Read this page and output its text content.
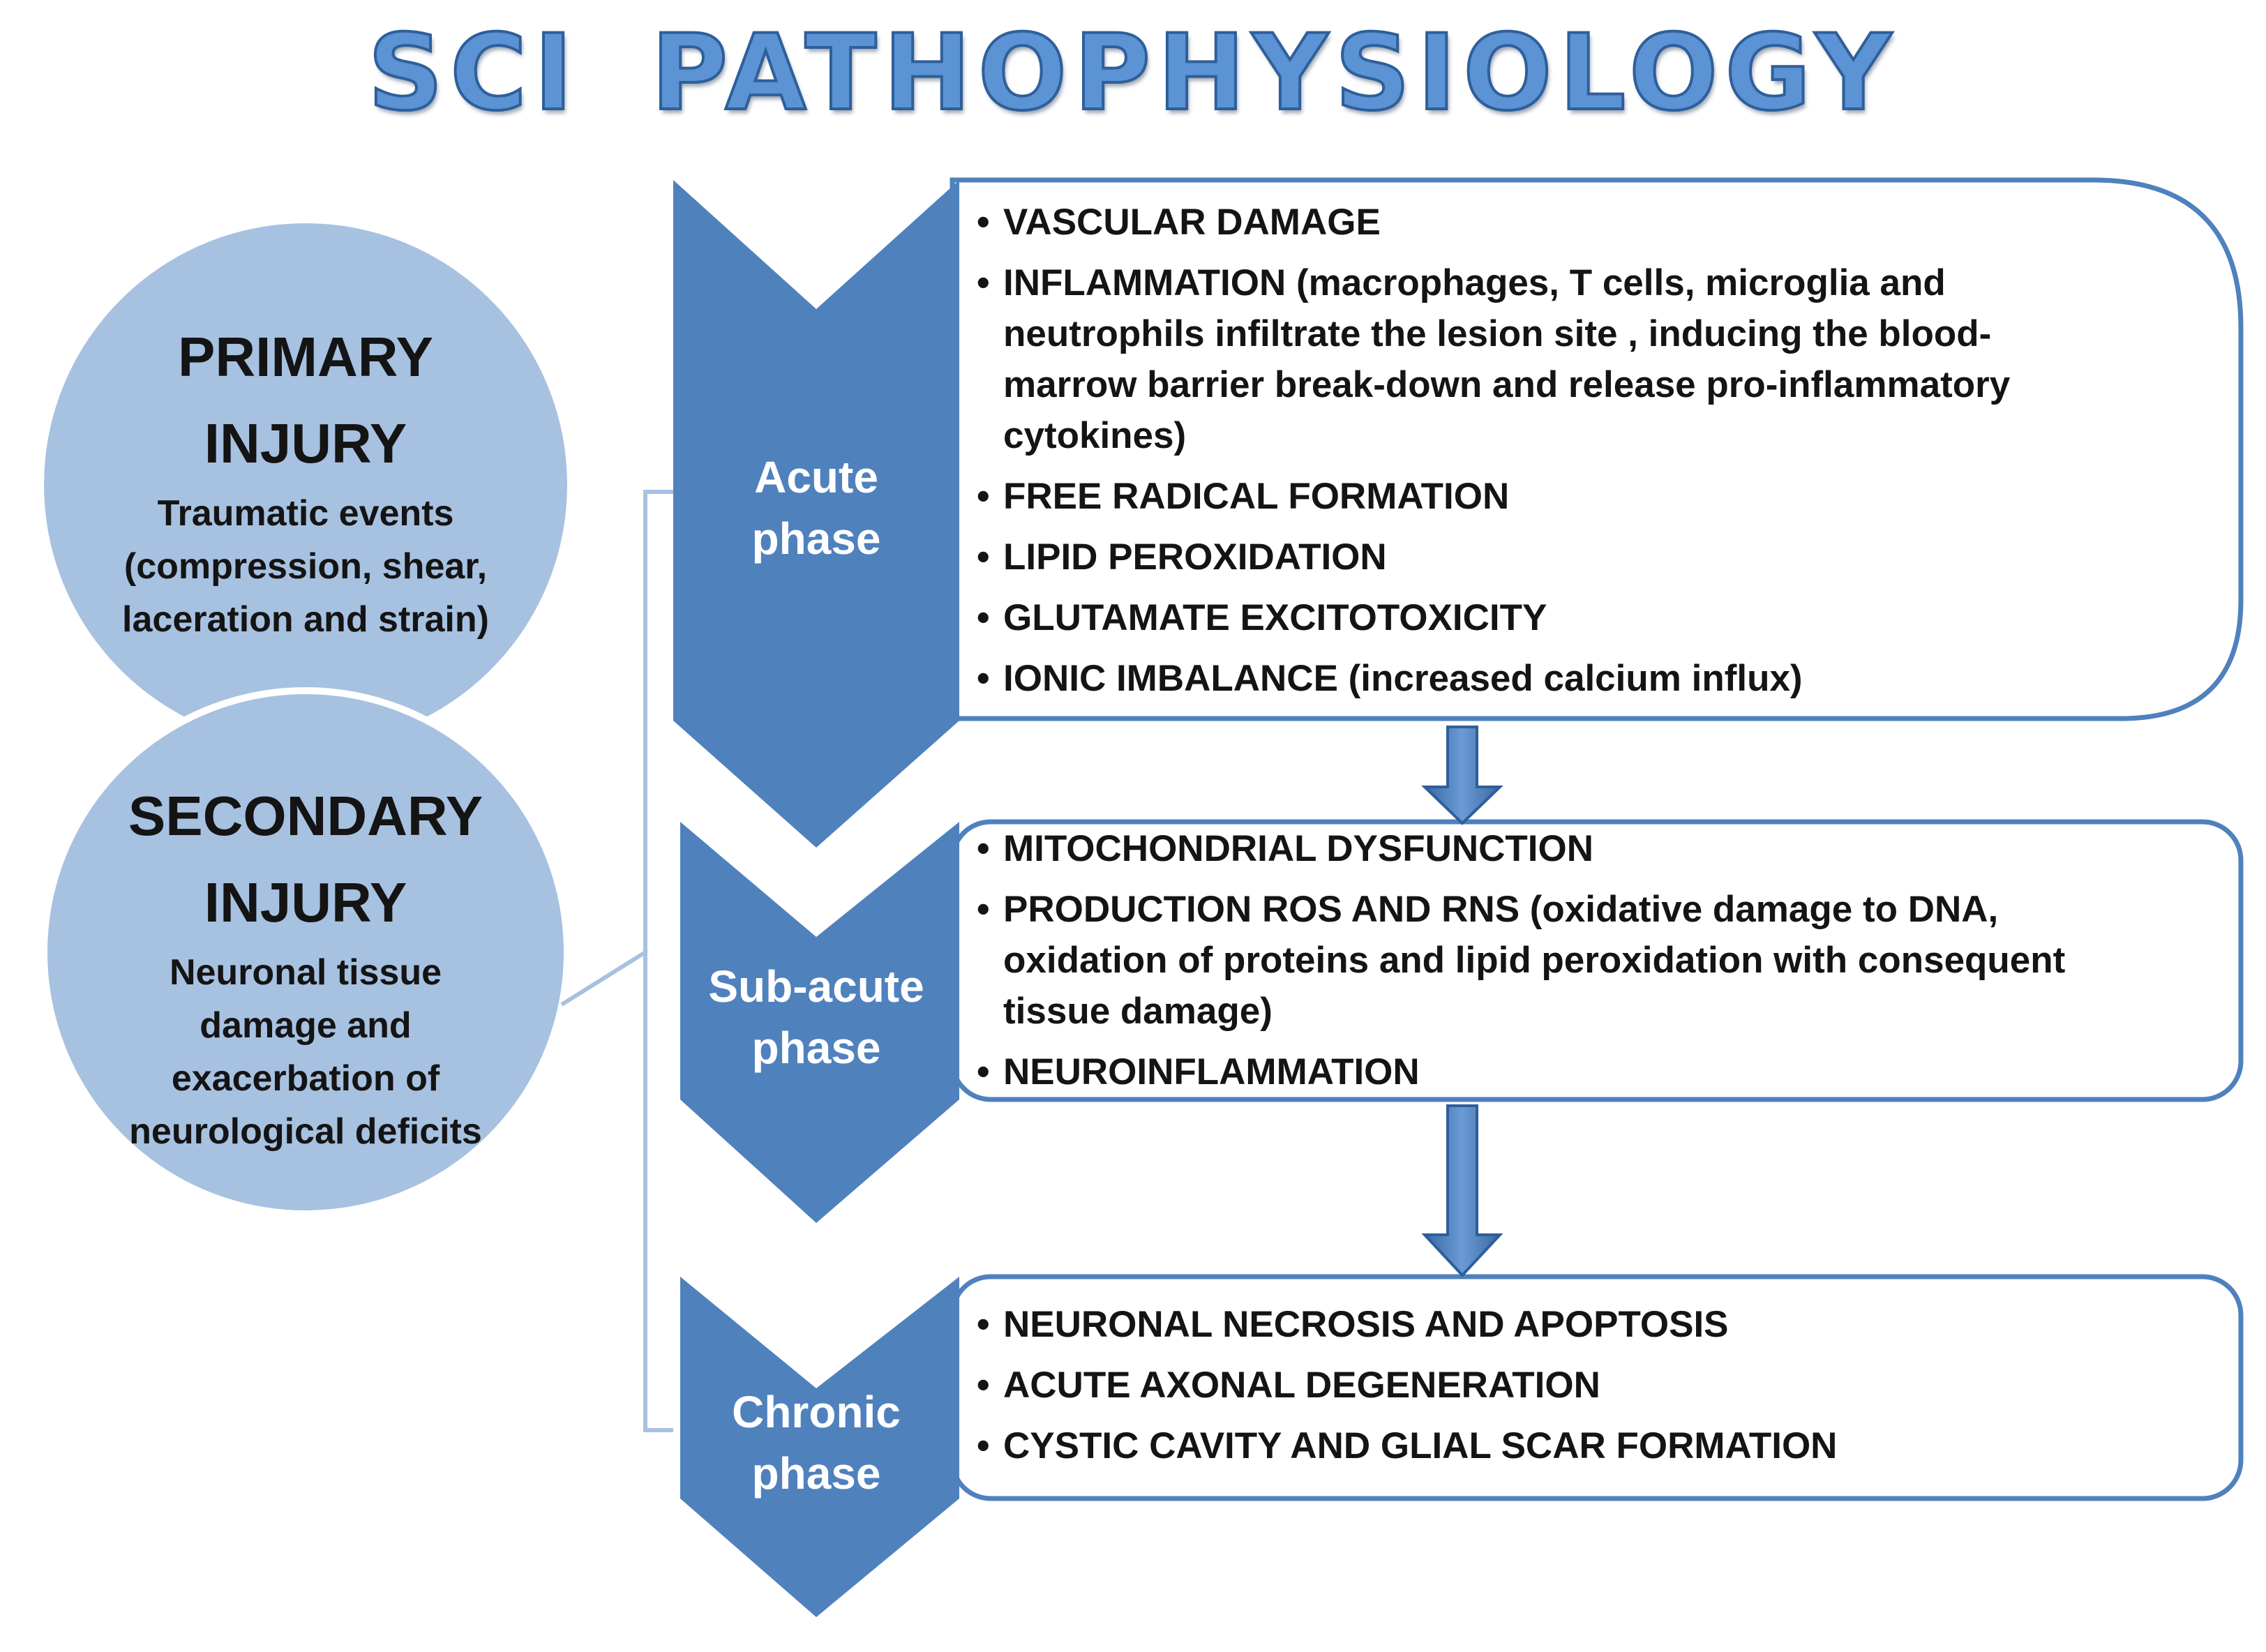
SCI PATHOPHYSIOLOGY
PRIMARY
INJURY
Traumatic events
(compression, shear,
laceration and strain)
SECONDARY
INJURY
Neuronal tissue
damage and
exacerbation of
neurological deficits
Acute
phase
Sub-acute
phase
Chronic
phase
• VASCULAR DAMAGE
• INFLAMMATION (macrophages, T cells, microglia and
neutrophils infiltrate the lesion site , inducing the blood-
marrow barrier break-down and release pro-inflammatory
cytokines)
• FREE RADICAL FORMATION
• LIPID PEROXIDATION
• GLUTAMATE EXCITOTOXICITY
• IONIC IMBALANCE (increased calcium influx)
• MITOCHONDRIAL DYSFUNCTION
• PRODUCTION ROS AND RNS (oxidative damage to DNA,
oxidation of proteins and lipid peroxidation with consequent
tissue damage)
• NEUROINFLAMMATION
• NEURONAL NECROSIS AND APOPTOSIS
• ACUTE AXONAL DEGENERATION
• CYSTIC CAVITY AND GLIAL SCAR FORMATION
